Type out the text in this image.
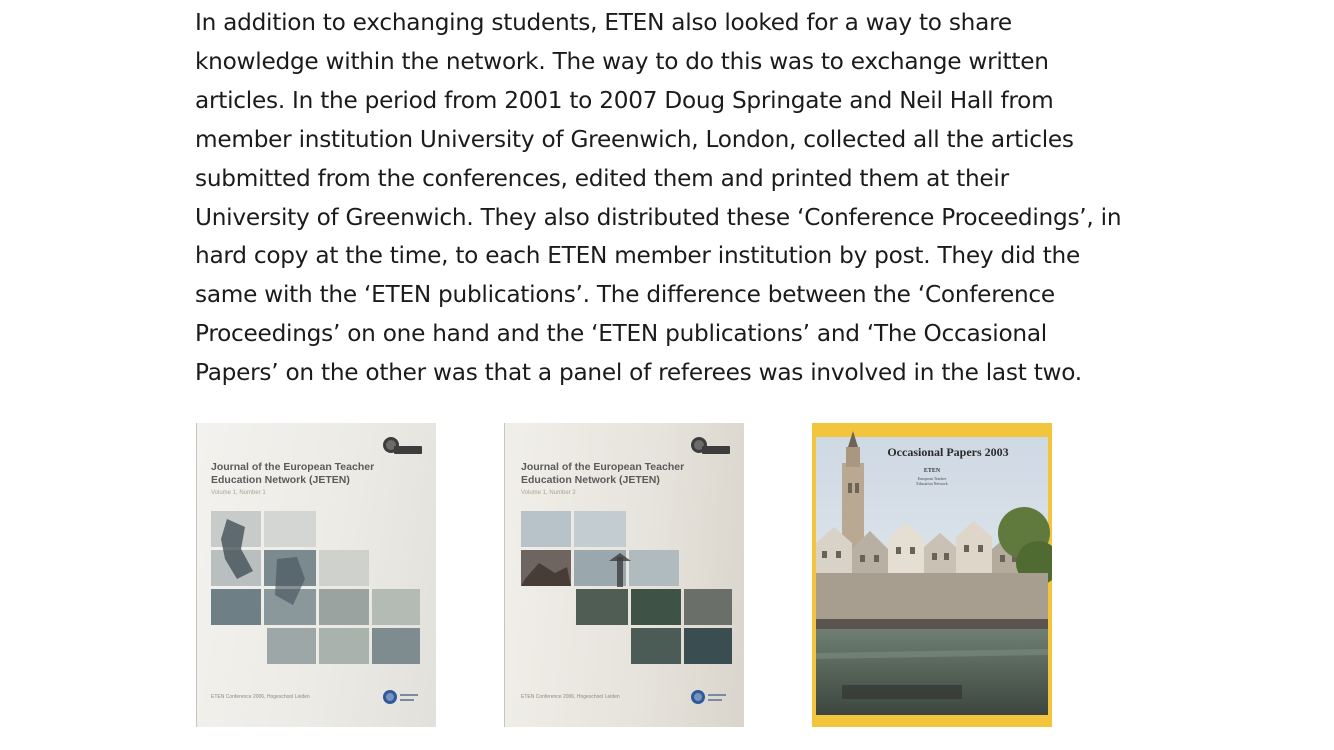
In addition to exchanging students, ETEN also looked for a way to share knowledge within the network. The way to do this was to exchange written articles. In the period from 2001 to 2007 Doug Springate and Neil Hall from member institution University of Greenwich, London, collected all the articles submitted from the conferences, edited them and printed them at their University of Greenwich. They also distributed these ‘Conference Proceedings’, in hard copy at the time, to each ETEN member institution by post. They did the same with the ‘ETEN publications’. The difference between the ‘Conference Proceedings’ on one hand and the ‘ETEN publications’ and ‘The Occasional Papers’ on the other was that a panel of referees was involved in the last two.

Journal of the European Teacher
Education Network (JETEN)
Volume 1, Number 1
ETEN Conference 2006, Hogeschool Leiden
Journal of the European Teacher
Education Network (JETEN)
Volume 1, Number 2
ETEN Conference 2006, Hogeschool Leiden
Occasional Papers 2003
ETEN
European Teacher
Education Network
